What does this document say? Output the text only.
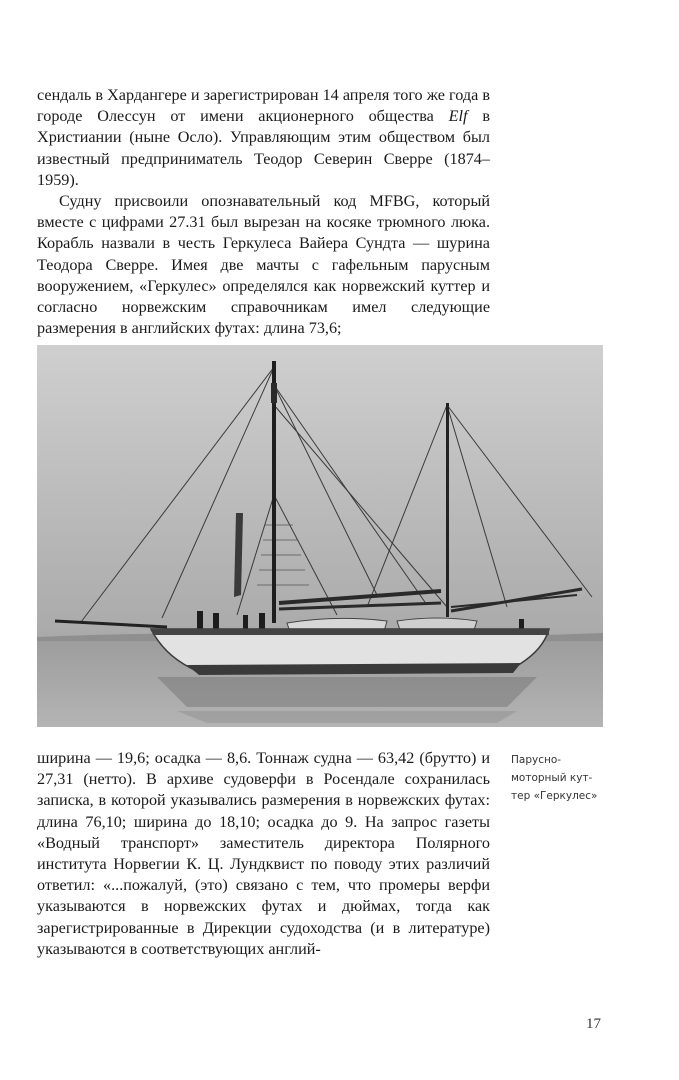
сендаль в Хардангере и зарегистрирован 14 апреля того же года в городе Олессун от имени акционерного общества Elf в Христиании (ныне Осло). Управляющим этим обществом был известный предприниматель Теодор Северин Сверре (1874–1959).

Судну присвоили опознавательный код MFBG, который вместе с цифрами 27.31 был вырезан на косяке трюмного люка. Корабль назвали в честь Геркулеса Вайера Сундта — шурина Теодора Сверре. Имея две мачты с гафельным парусным вооружением, «Геркулес» определялся как норвежский куттер и согласно норвежским справочникам имел следующие размерения в английских футах: длина 73,6;

ширина — 19,6; осадка — 8,6. Тоннаж судна — 63,42 (брутто) и 27,31 (нетто). В архиве судоверфи в Росендале сохранилась записка, в которой указывались размерения в норвежских футах: длина 76,10; ширина до 18,10; осадка до 9. На запрос газеты «Водный транспорт» заместитель директора Полярного института Норвегии К. Ц. Лундквист по поводу этих различий ответил: «...пожалуй, (это) связано с тем, что промеры верфи указываются в норвежских футах и дюймах, тогда как зарегистрированные в Дирекции судоходства (и в литературе) указываются в соответствующих англий-

Парусно-
моторный кут-
тер «Геркулес»
17
